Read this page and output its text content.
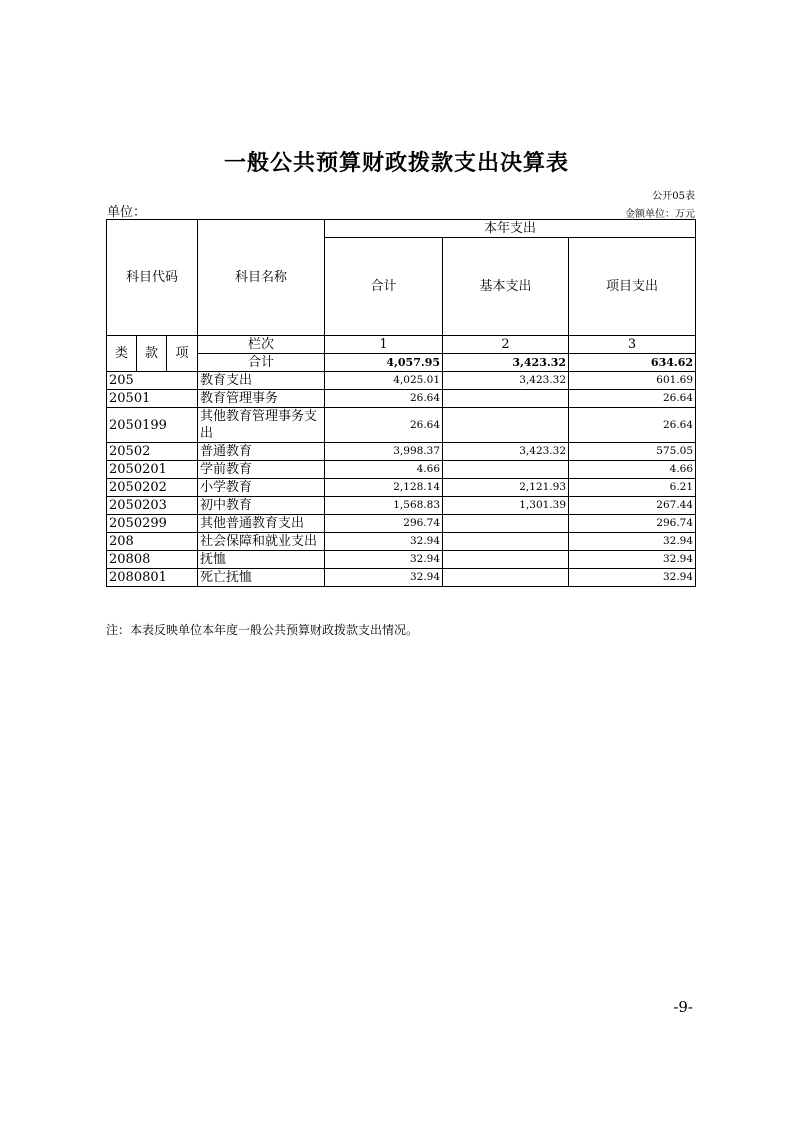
一般公共预算财政拨款支出决算表
公开05表
单位：	金额单位：万元
科目代码			科目名称	本年支出		
				合计	基本支出	项目支出
类	款	项	栏次	1	2	3
			合计	4,057.95	3,423.32	634.62
205			教育支出	4,025.01	3,423.32	601.69
20501			教育管理事务	26.64		26.64
2050199			其他教育管理事务支出	26.64		26.64
20502			普通教育	3,998.37	3,423.32	575.05
2050201			学前教育	4.66		4.66
2050202			小学教育	2,128.14	2,121.93	6.21
2050203			初中教育	1,568.83	1,301.39	267.44
2050299			其他普通教育支出	296.74		296.74
208			社会保障和就业支出	32.94		32.94
20808			抚恤	32.94		32.94
2080801			死亡抚恤	32.94		32.94
注：本表反映单位本年度一般公共预算财政拨款支出情况。
-9-
